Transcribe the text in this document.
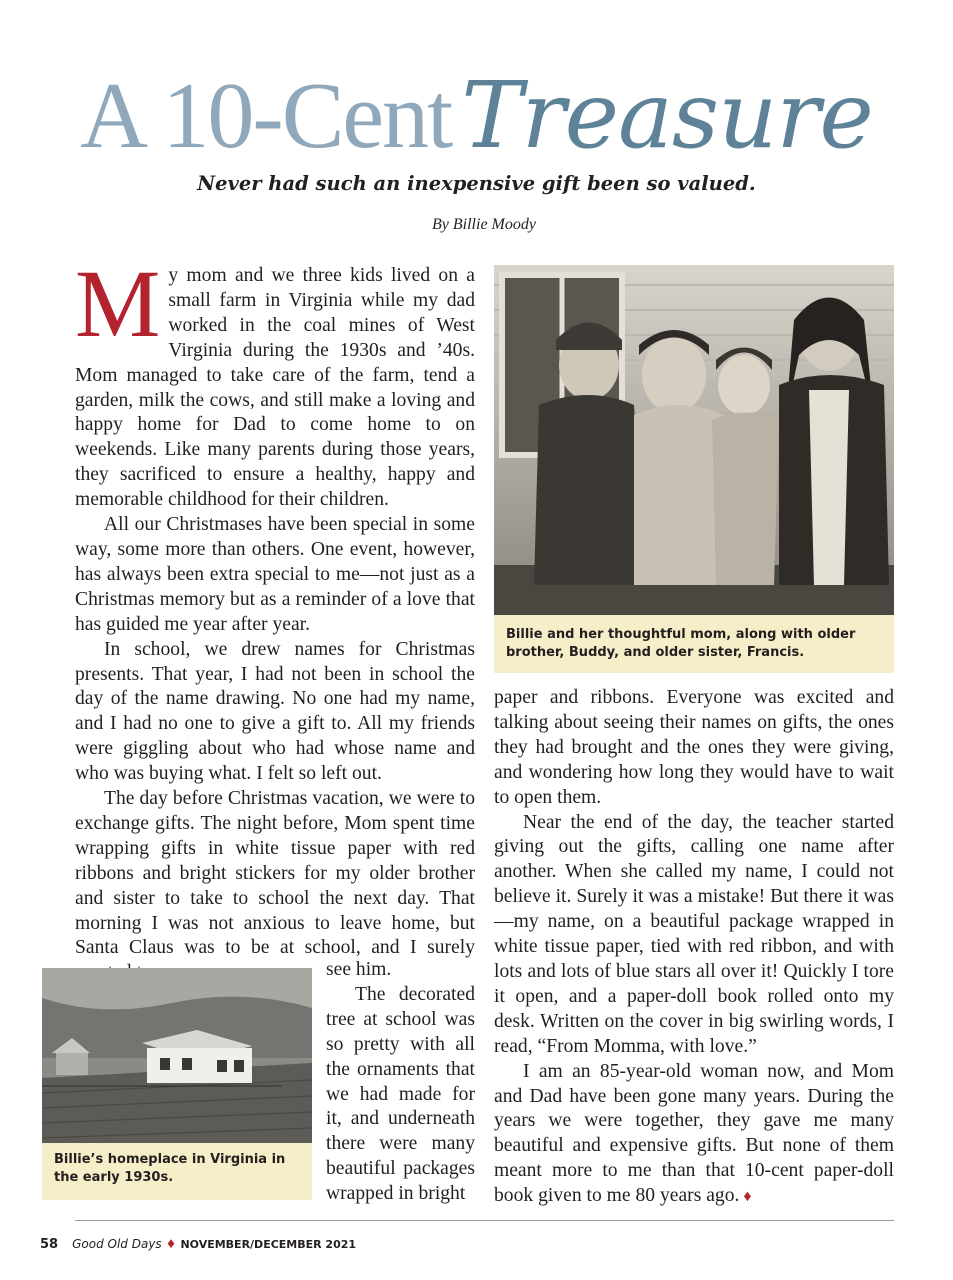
A 10-Cent Treasure
Never had such an inexpensive gift been so valued.
By Billie Moody

My mom and we three kids lived on a small farm in Virginia while my dad worked in the coal mines of West Virginia during the 1930s and ’40s. Mom managed to take care of the farm, tend a garden, milk the cows, and still make a loving and happy home for Dad to come home to on weekends. Like many parents during those years, they sacrificed to ensure a healthy, happy and memorable childhood for their children.

All our Christmases have been special in some way, some more than others. One event, however, has always been extra special to me—not just as a Christmas memory but as a reminder of a love that has guided me year after year.

In school, we drew names for Christmas presents. That year, I had not been in school the day of the name drawing. No one had my name, and I had no one to give a gift to. All my friends were giggling about who had whose name and who was buying what. I felt so left out.

The day before Christmas vacation, we were to exchange gifts. The night before, Mom spent time wrapping gifts in white tissue paper with red ribbons and bright stickers for my older brother and sister to take to school the next day. That morning I was not anxious to leave home, but Santa Claus was to be at school, and I surely

see him.

The decorated tree at school was so pretty with all the ornaments that we had made for it, and underneath there were many beautiful packages wrapped in bright

paper and ribbons. Everyone was excited and talking about seeing their names on gifts, the ones they had brought and the ones they were giving, and wondering how long they would have to wait to open them.

Near the end of the day, the teacher started giving out the gifts, calling one name after another. When she called my name, I could not believe it. Surely it was a mistake! But there it was—my name, on a beautiful package wrapped in white tissue paper, tied with red ribbon, and with lots and lots of blue stars all over it! Quickly I tore it open, and a paper-doll book rolled onto my desk. Written on the cover in big swirling words, I read, “From Momma, with love.”

I am an 85-year-old woman now, and Mom and Dad have been gone many years. During the years we were together, they gave me many beautiful and expensive gifts. But none of them meant more to me than that 10-cent paper-doll book given to me 80 years ago. ♦

Billie and her thoughtful mom, along with older brother, Buddy, and older sister, Francis.
Billie’s homeplace in Virginia in the early 1930s.
58 Good Old Days ♦ NOVEMBER/DECEMBER 2021
